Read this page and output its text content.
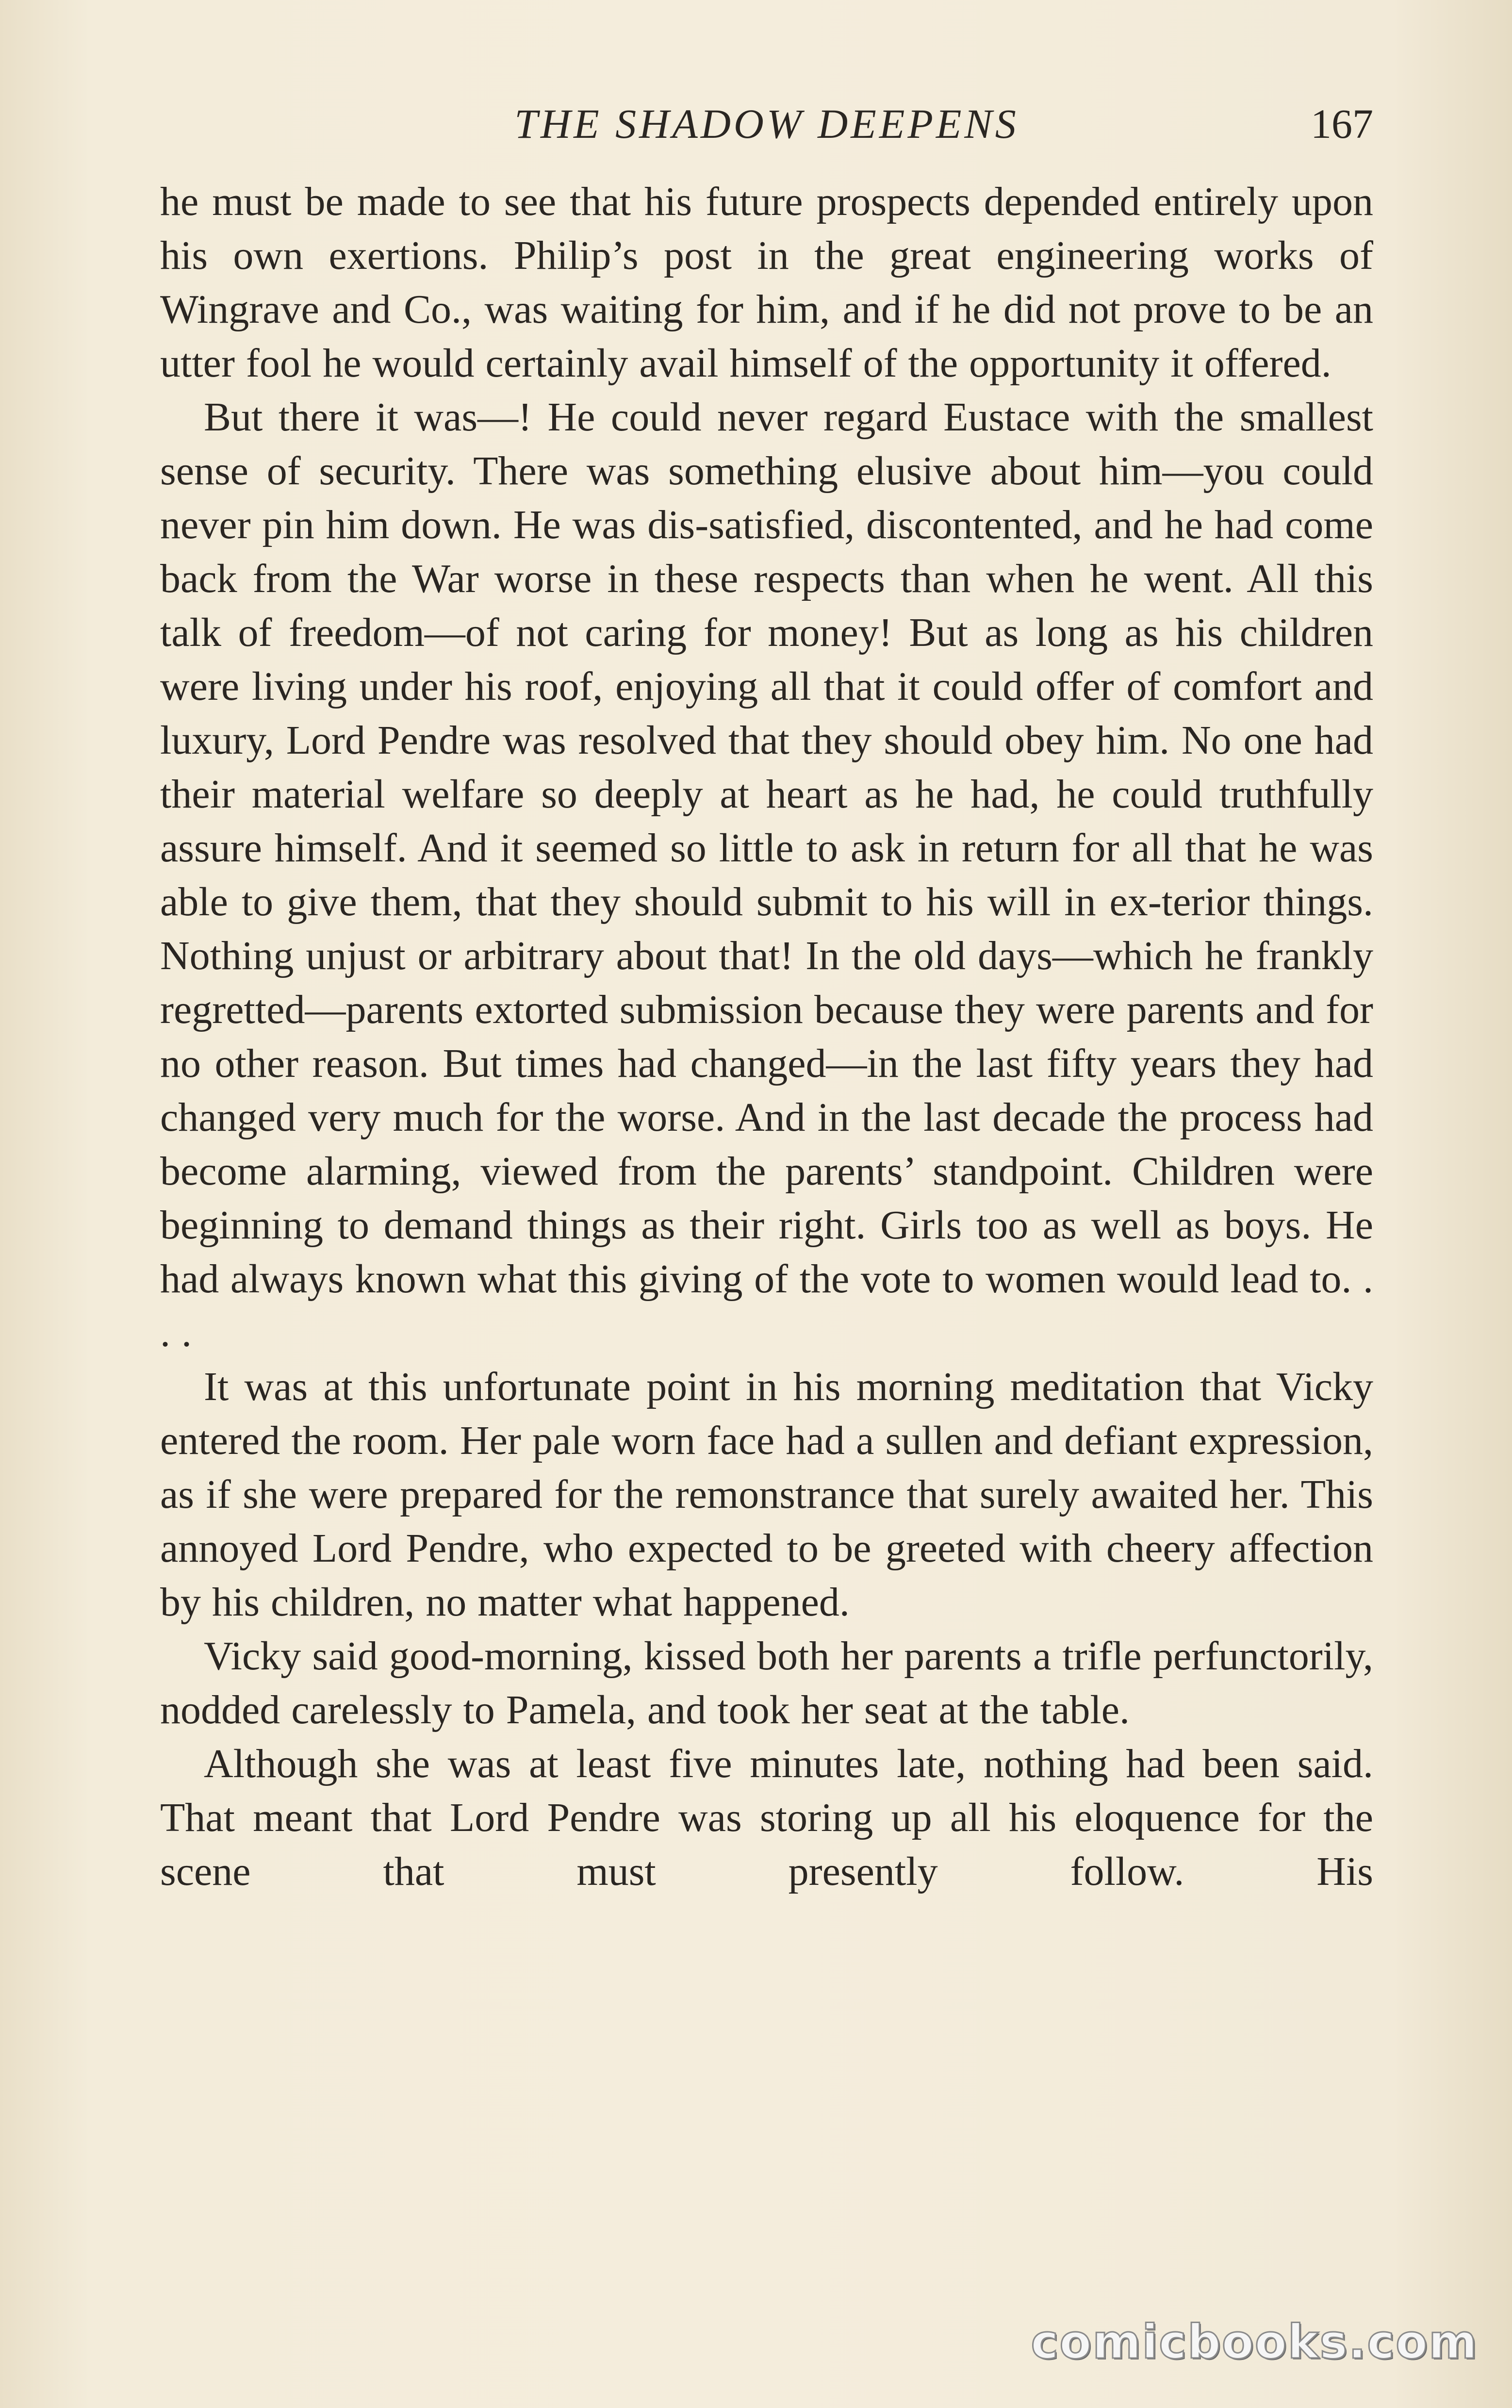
THE SHADOW DEEPENS	167

he must be made to see that his future prospects depended entirely upon his own exertions. Philip’s post in the great engineering works of Wingrave and Co., was waiting for him, and if he did not prove to be an utter fool he would certainly avail himself of the opportunity it offered.

But there it was—! He could never regard Eustace with the smallest sense of security. There was something elusive about him—you could never pin him down. He was dis-satisfied, discontented, and he had come back from the War worse in these respects than when he went. All this talk of freedom—of not caring for money! But as long as his children were living under his roof, enjoying all that it could offer of comfort and luxury, Lord Pendre was resolved that they should obey him. No one had their material welfare so deeply at heart as he had, he could truthfully assure himself. And it seemed so little to ask in return for all that he was able to give them, that they should submit to his will in ex-terior things. Nothing unjust or arbitrary about that! In the old days—which he frankly regretted—parents extorted submission because they were parents and for no other reason. But times had changed—in the last fifty years they had changed very much for the worse. And in the last decade the process had become alarming, viewed from the parents’ standpoint. Children were beginning to demand things as their right. Girls too as well as boys. He had always known what this giving of the vote to women would lead to. . . .

It was at this unfortunate point in his morning meditation that Vicky entered the room. Her pale worn face had a sullen and defiant expression, as if she were prepared for the remonstrance that surely awaited her. This annoyed Lord Pendre, who expected to be greeted with cheery affection by his children, no matter what happened.

Vicky said good-morning, kissed both her parents a trifle perfunctorily, nodded carelessly to Pamela, and took her seat at the table.

Although she was at least five minutes late, nothing had been said. That meant that Lord Pendre was storing up all his eloquence for the scene that must presently follow. His

comicbooks.com
